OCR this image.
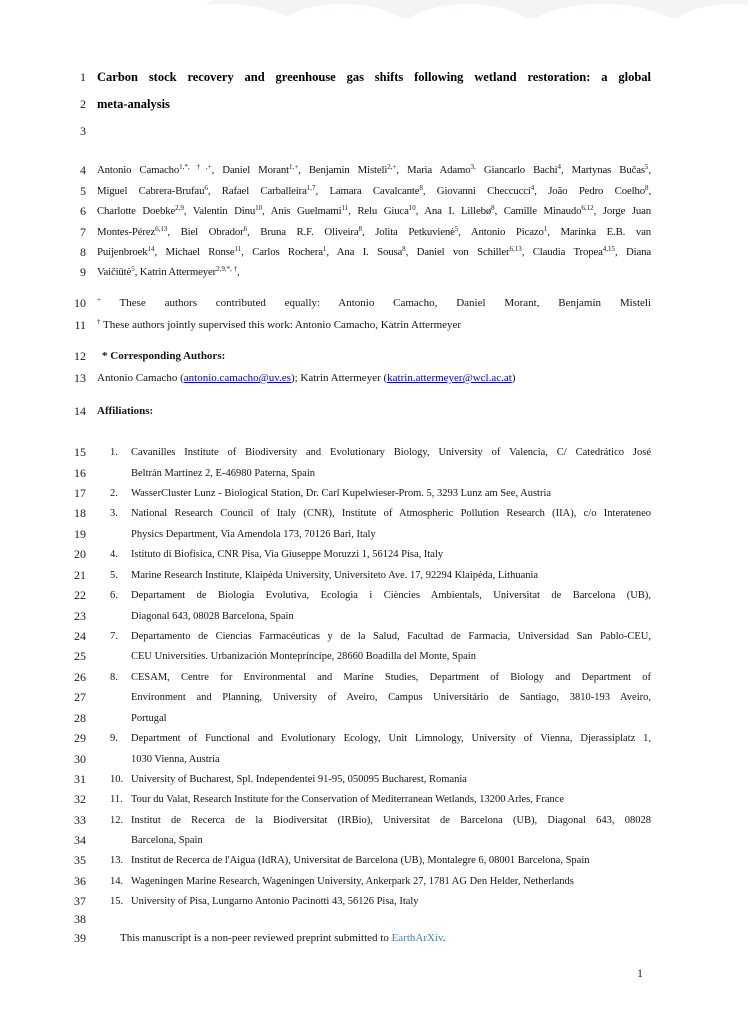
1 Carbon stock recovery and greenhouse gas shifts following wetland restoration: a global
2 meta-analysis
3
4 Antonio Camacho$^{1,*, \dagger,+}$, Daniel Morant$^{1,+}$, Benjamin Misteli$^{2,+}$, Maria Adamo$^{3,}$ Giancarlo Bachi$^4$, Martynas Bučas$^5$,
5 Miguel Cabrera-Brufau$^6$, Rafael Carballeira$^{1,7}$, Lamara Cavalcante$^8$, Giovanni Checcucci$^4$, João Pedro Coelho$^8$,
6 Charlotte Doebke$^{2,9}$, Valentin Dinu$^{10}$, Anis Guelmami$^{11}$, Relu Giuca$^{10}$, Ana I. Lillebø$^8$, Camille Minaudo$^{6,12}$, Jorge Juan
7 Montes-Pérez$^{6,13}$, Biel Obrador$^6$, Bruna R.F. Oliveira$^8$, Jolita Petkuvienė$^5$, Antonio Picazo$^1$, Marinka E.B. van
8 Puijenbroek$^{14}$, Michael Ronse$^{11}$, Carlos Rochera$^1$, Ana I. Sousa$^8$, Daniel von Schiller$^{6,13}$, Claudia Tropea$^{4,15}$, Diana
9 Vaičiūtė$^5$, Katrin Attermeyer$^{2,9,*, \dagger}$,
10 + These authors contributed equally: Antonio Camacho, Daniel Morant, Benjamin Misteli
11 † These authors jointly supervised this work: Antonio Camacho, Katrin Attermeyer
12	* Corresponding Authors:
13 Antonio Camacho (antonio.camacho@uv.es); Katrin Attermeyer (katrin.attermeyer@wcl.ac.at)
14 Affiliations:
15 1. Cavanilles Institute of Biodiversity and Evolutionary Biology, University of Valencia, C/ Catedrático José
16	Beltrán Martinez 2, E-46980 Paterna, Spain
17 2. WasserCluster Lunz - Biological Station, Dr. Carl Kupelwieser-Prom. 5, 3293 Lunz am See, Austria
18 3. National Research Council of Italy (CNR), Institute of Atmospheric Pollution Research (IIA), c/o Interateneo
19	Physics Department, Via Amendola 173, 70126 Bari, Italy
20 4. Istituto di Biofisica, CNR Pisa, Via Giuseppe Moruzzi 1, 56124 Pisa, Italy
21 5. Marine Research Institute, Klaipėda University, Universiteto Ave. 17, 92294 Klaipėda, Lithuania
22 6. Departament de Biologia Evolutiva, Ecologia i Ciències Ambientals, Universitat de Barcelona (UB),
23	Diagonal 643, 08028 Barcelona, Spain
24 7. Departamento de Ciencias Farmacéuticas y de la Salud, Facultad de Farmacia, Universidad San Pablo-CEU,
25	CEU Universities. Urbanización Montepríncipe, 28660 Boadilla del Monte, Spain
26 8. CESAM, Centre for Environmental and Marine Studies, Department of Biology and Department of
27	Environment and Planning, University of Aveiro, Campus Universitário de Santiago, 3810-193 Aveiro,
28	Portugal
29 9. Department of Functional and Evolutionary Ecology, Unit Limnology, University of Vienna, Djerassiplatz 1,
30	1030 Vienna, Austria
31 10. University of Bucharest, Spl. Independentei 91-95, 050095 Bucharest, Romania
32 11. Tour du Valat, Research Institute for the Conservation of Mediterranean Wetlands, 13200 Arles, France
33 12. Institut de Recerca de la Biodiversitat (IRBio), Universitat de Barcelona (UB), Diagonal 643, 08028
34	Barcelona, Spain
35 13. Institut de Recerca de l'Aigua (IdRA), Universitat de Barcelona (UB), Montalegre 6, 08001 Barcelona, Spain
36 14. Wageningen Marine Research, Wageningen University, Ankerpark 27, 1781 AG Den Helder, Netherlands
37 15. University of Pisa, Lungarno Antonio Pacinotti 43, 56126 Pisa, Italy
38
39	This manuscript is a non-peer reviewed preprint submitted to EarthArXiv.
1
